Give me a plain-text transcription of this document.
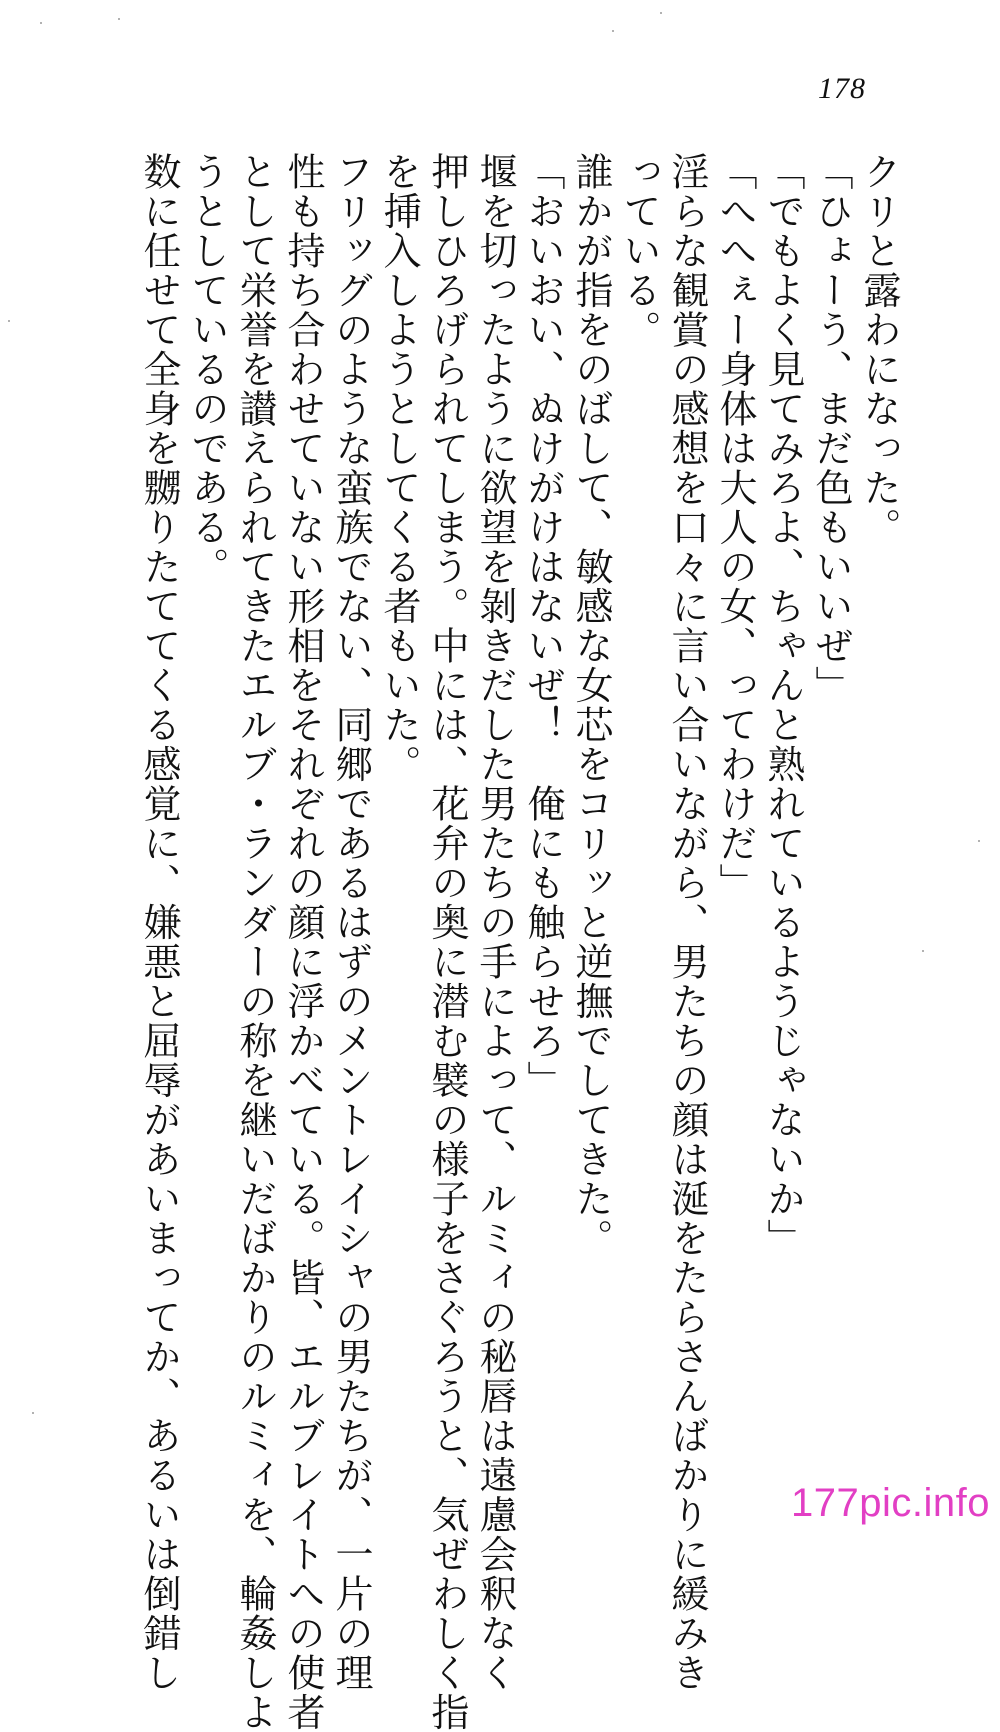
178
クリと露わになった。
「ひょーう、まだ色もいいぜ」
「でもよく見てみろよ、ちゃんと熟れているようじゃないか」
「へへぇー身体は大人の女、ってわけだ」
淫らな観賞の感想を口々に言い合いながら、男たちの顔は涎をたらさんばかりに緩みき
っている。
誰かが指をのばして、敏感な女芯をコリッと逆撫でしてきた。
「おいおい、ぬけがけはないぜ！　俺にも触らせろ」
堰を切ったように欲望を剝きだした男たちの手によって、ルミィの秘唇は遠慮会釈なく
押しひろげられてしまう。中には、花弁の奥に潜む襞の様子をさぐろうと、気ぜわしく指
を挿入しようとしてくる者もいた。
フリッグのような蛮族でない、同郷であるはずのメントレイシャの男たちが、一片の理
性も持ち合わせていない形相をそれぞれの顔に浮かべている。皆、エルブレイトへの使者
として栄誉を讃えられてきたエルブ・ランダーの称を継いだばかりのルミィを、輪姦しよ
うとしているのである。
数に任せて全身を嬲りたててくる感覚に、嫌悪と屈辱があいまってか、あるいは倒錯し	177pic.info
